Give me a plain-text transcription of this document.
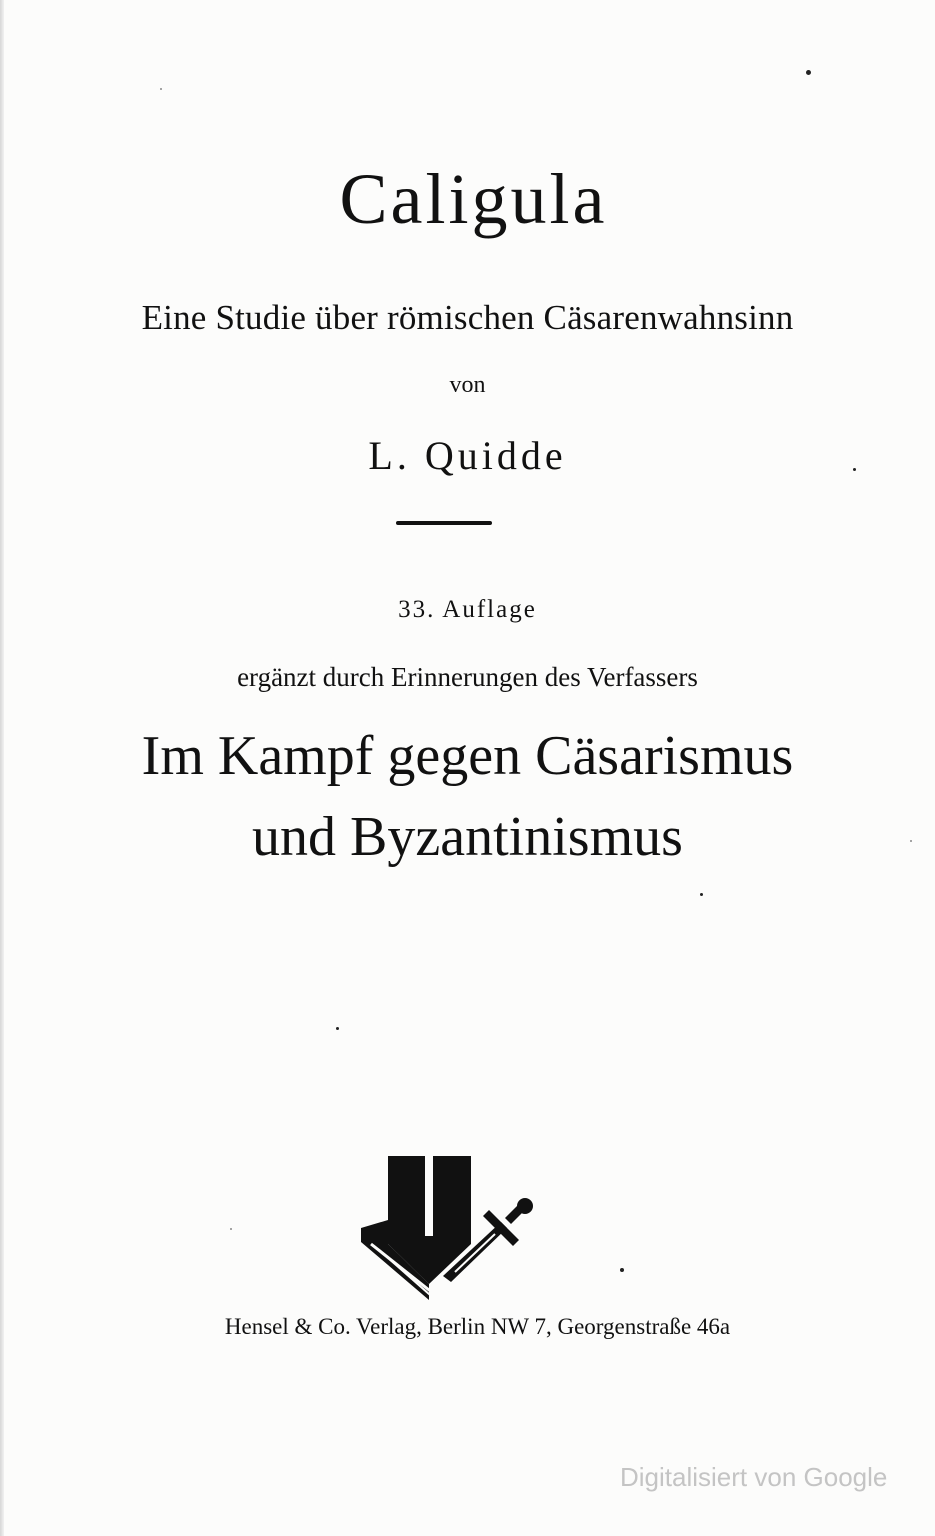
Caligula
Eine Studie über römischen Cäsarenwahnsinn
von
L. Quidde
33. Auflage
ergänzt durch Erinnerungen des Verfassers
Im Kampf gegen Cäsarismus
und Byzantinismus
Hensel & Co. Verlag, Berlin NW 7, Georgenstraße 46a
Digitalisiert von Google
